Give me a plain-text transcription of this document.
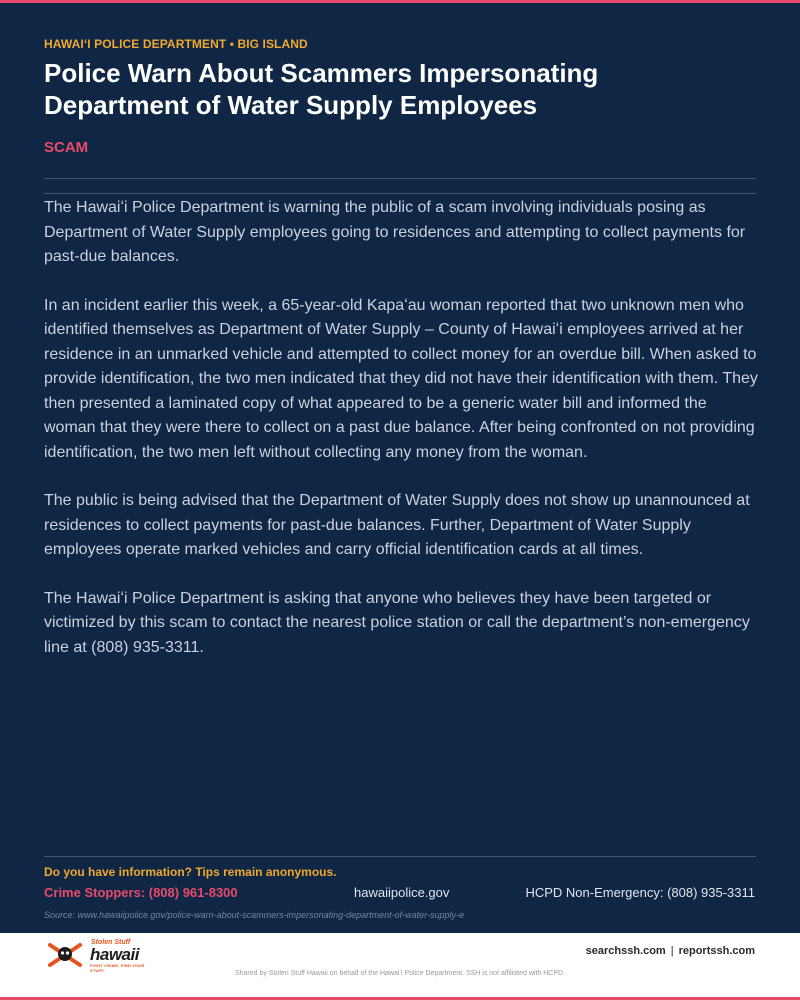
HAWAIʻI POLICE DEPARTMENT • BIG ISLAND
Police Warn About Scammers Impersonating Department of Water Supply Employees
SCAM

The Hawaiʻi Police Department is warning the public of a scam involving individuals posing as Department of Water Supply employees going to residences and attempting to collect payments for past-due balances.

In an incident earlier this week, a 65-year-old Kapaʻau woman reported that two unknown men who identified themselves as Department of Water Supply – County of Hawaiʻi employees arrived at her residence in an unmarked vehicle and attempted to collect money for an overdue bill. When asked to provide identification, the two men indicated that they did not have their identification with them. They then presented a laminated copy of what appeared to be a generic water bill and informed the woman that they were there to collect on a past due balance. After being confronted on not providing identification, the two men left without collecting any money from the woman.

The public is being advised that the Department of Water Supply does not show up unannounced at residences to collect payments for past-due balances. Further, Department of Water Supply employees operate marked vehicles and carry official identification cards at all times.

The Hawaiʻi Police Department is asking that anyone who believes they have been targeted or victimized by this scam to contact the nearest police station or call the department’s non-emergency line at (808) 935-3311.

Do you have information? Tips remain anonymous.
Crime Stoppers: (808) 961-8300	hawaiipolice.gov	HCPD Non-Emergency: (808) 935-3311
Source: www.hawaiipolice.gov/police-warn-about-scammers-impersonating-department-of-water-supply-e
Stolen Stuff
hawaii
FIGHT CRIME. FIND YOUR STUFF.
searchssh.com | reportssh.com
Shared by Stolen Stuff Hawaii on behalf of the Hawaiʻi Police Department. SSH is not affiliated with HCPD.
